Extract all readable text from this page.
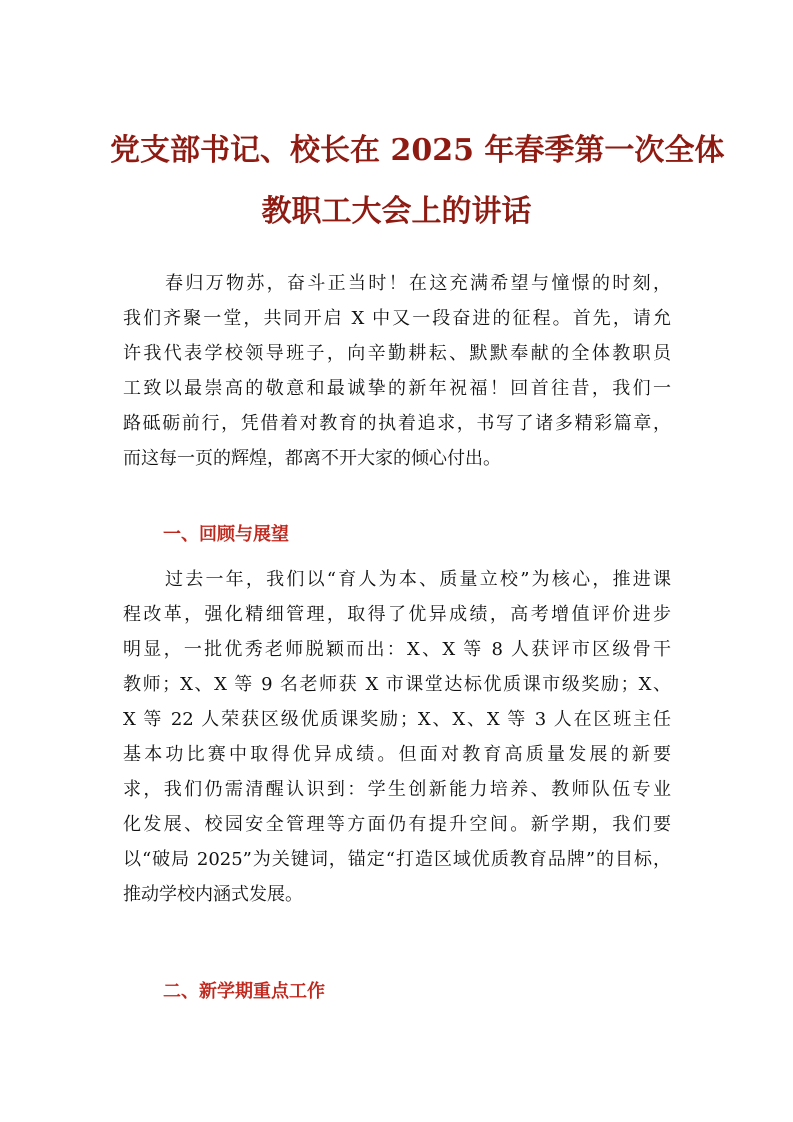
党支部书记、校长在 2025 年春季第一次全体
教职工大会上的讲话
春归万物苏，奋斗正当时！在这充满希望与憧憬的时刻，
我们齐聚一堂，共同开启 X 中又一段奋进的征程。首先，请允
许我代表学校领导班子，向辛勤耕耘、默默奉献的全体教职员
工致以最崇高的敬意和最诚挚的新年祝福！回首往昔，我们一
路砥砺前行，凭借着对教育的执着追求，书写了诸多精彩篇章，
而这每一页的辉煌，都离不开大家的倾心付出。
一、回顾与展望
过去一年，我们以“育人为本、质量立校”为核心，推进课
程改革，强化精细管理，取得了优异成绩，高考增值评价进步
明显，一批优秀老师脱颖而出：X、X 等 8 人获评市区级骨干
教师；X、X 等 9 名老师获 X 市课堂达标优质课市级奖励；X、
X 等 22 人荣获区级优质课奖励；X、X、X 等 3 人在区班主任
基本功比赛中取得优异成绩。但面对教育高质量发展的新要
求，我们仍需清醒认识到：学生创新能力培养、教师队伍专业
化发展、校园安全管理等方面仍有提升空间。新学期，我们要
以“破局 2025”为关键词，锚定“打造区域优质教育品牌”的目标，
推动学校内涵式发展。
二、新学期重点工作
